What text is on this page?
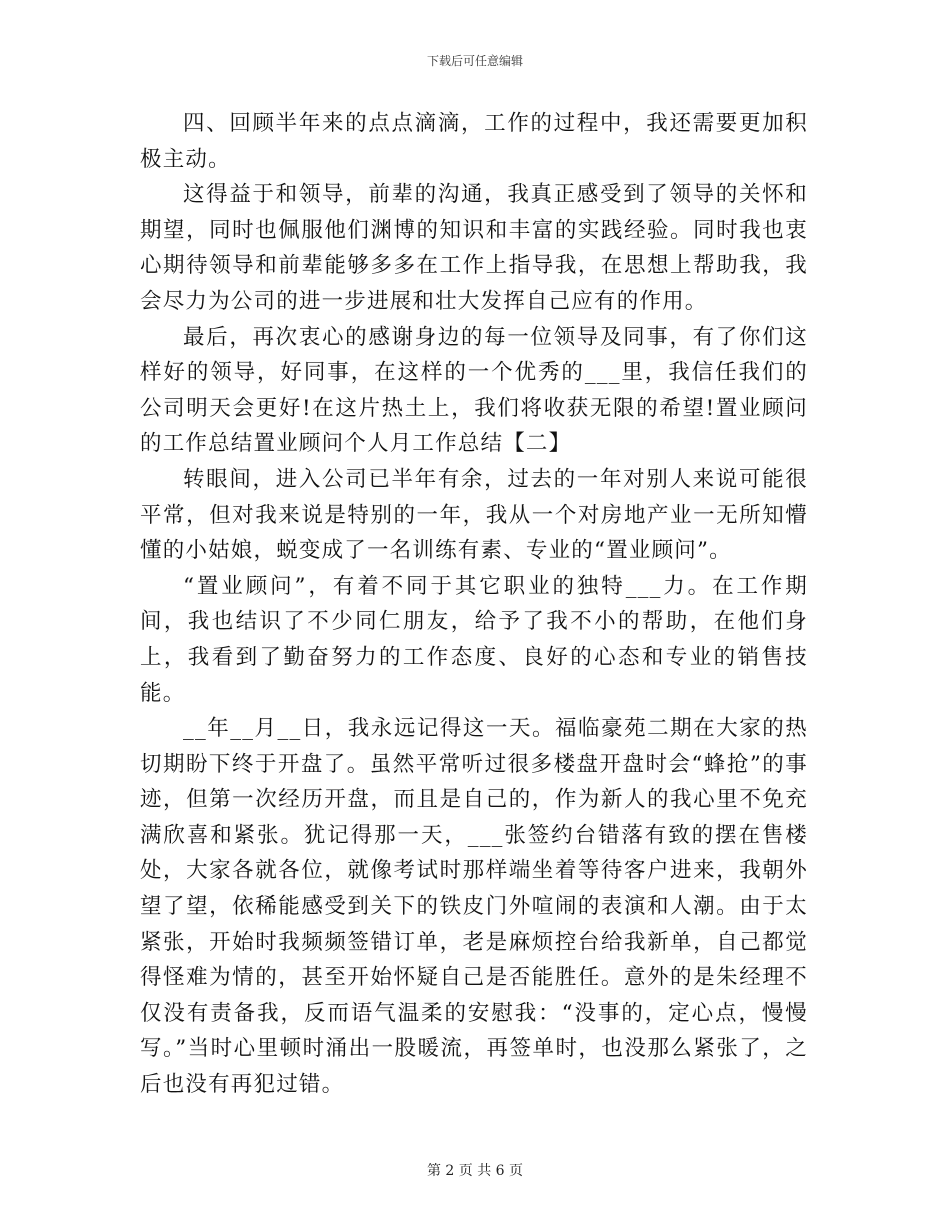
下载后可任意编辑

四、回顾半年来的点点滴滴，工作的过程中，我还需要更加积极主动。

这得益于和领导，前辈的沟通，我真正感受到了领导的关怀和期望，同时也佩服他们渊博的知识和丰富的实践经验。同时我也衷心期待领导和前辈能够多多在工作上指导我，在思想上帮助我，我会尽力为公司的进一步进展和壮大发挥自己应有的作用。

最后，再次衷心的感谢身边的每一位领导及同事，有了你们这样好的领导，好同事，在这样的一个优秀的___里，我信任我们的公司明天会更好!在这片热土上，我们将收获无限的希望!置业顾问的工作总结置业顾问个人月工作总结【二】

转眼间，进入公司已半年有余，过去的一年对别人来说可能很平常，但对我来说是特别的一年，我从一个对房地产业一无所知懵懂的小姑娘，蜕变成了一名训练有素、专业的“置业顾问”。

“置业顾问”，有着不同于其它职业的独特___力。在工作期间，我也结识了不少同仁朋友，给予了我不小的帮助，在他们身上，我看到了勤奋努力的工作态度、良好的心态和专业的销售技能。

__年__月__日，我永远记得这一天。福临豪苑二期在大家的热切期盼下终于开盘了。虽然平常听过很多楼盘开盘时会“蜂抢”的事迹，但第一次经历开盘，而且是自己的，作为新人的我心里不免充满欣喜和紧张。犹记得那一天，___张签约台错落有致的摆在售楼处，大家各就各位，就像考试时那样端坐着等待客户进来，我朝外望了望，依稀能感受到关下的铁皮门外喧闹的表演和人潮。由于太紧张，开始时我频频签错订单，老是麻烦控台给我新单，自己都觉得怪难为情的，甚至开始怀疑自己是否能胜任。意外的是朱经理不仅没有责备我，反而语气温柔的安慰我：“没事的，定心点，慢慢写。”当时心里顿时涌出一股暖流，再签单时，也没那么紧张了，之后也没有再犯过错。

第 2 页 共 6 页
